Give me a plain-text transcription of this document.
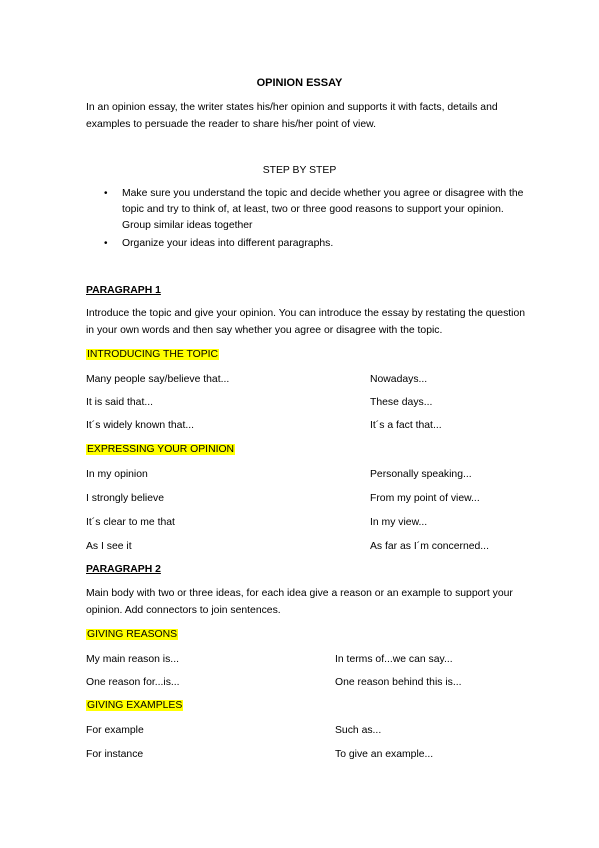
OPINION ESSAY
In an opinion essay, the writer states his/her opinion and supports it with facts, details and examples to persuade the reader to share his/her point of view.
STEP BY STEP
• Make sure you understand the topic and decide whether you agree or disagree with the topic and try to think of, at least, two or three good reasons to support your opinion. Group similar ideas together
• Organize your ideas into different paragraphs.
PARAGRAPH 1
Introduce the topic and give your opinion. You can introduce the essay by restating the question in your own words and then say whether you agree or disagree with the topic.
INTRODUCING THE TOPIC
Many people say/believe that...	Nowadays...
It is said that...	These days...
It´s widely known that...	It´s a fact that...
EXPRESSING YOUR OPINION
In my opinion	Personally speaking...
I strongly believe	From my point of view...
It´s clear to me that	In my view...
As I see it	As far as I´m concerned...
PARAGRAPH 2
Main body with two or three ideas, for each idea give a reason or an example to support your opinion. Add connectors to join sentences.
GIVING REASONS
My main reason is...	In terms of...we can say...
One reason for...is...	One reason behind this is...
GIVING EXAMPLES
For example	Such as...
For instance	To give an example...
